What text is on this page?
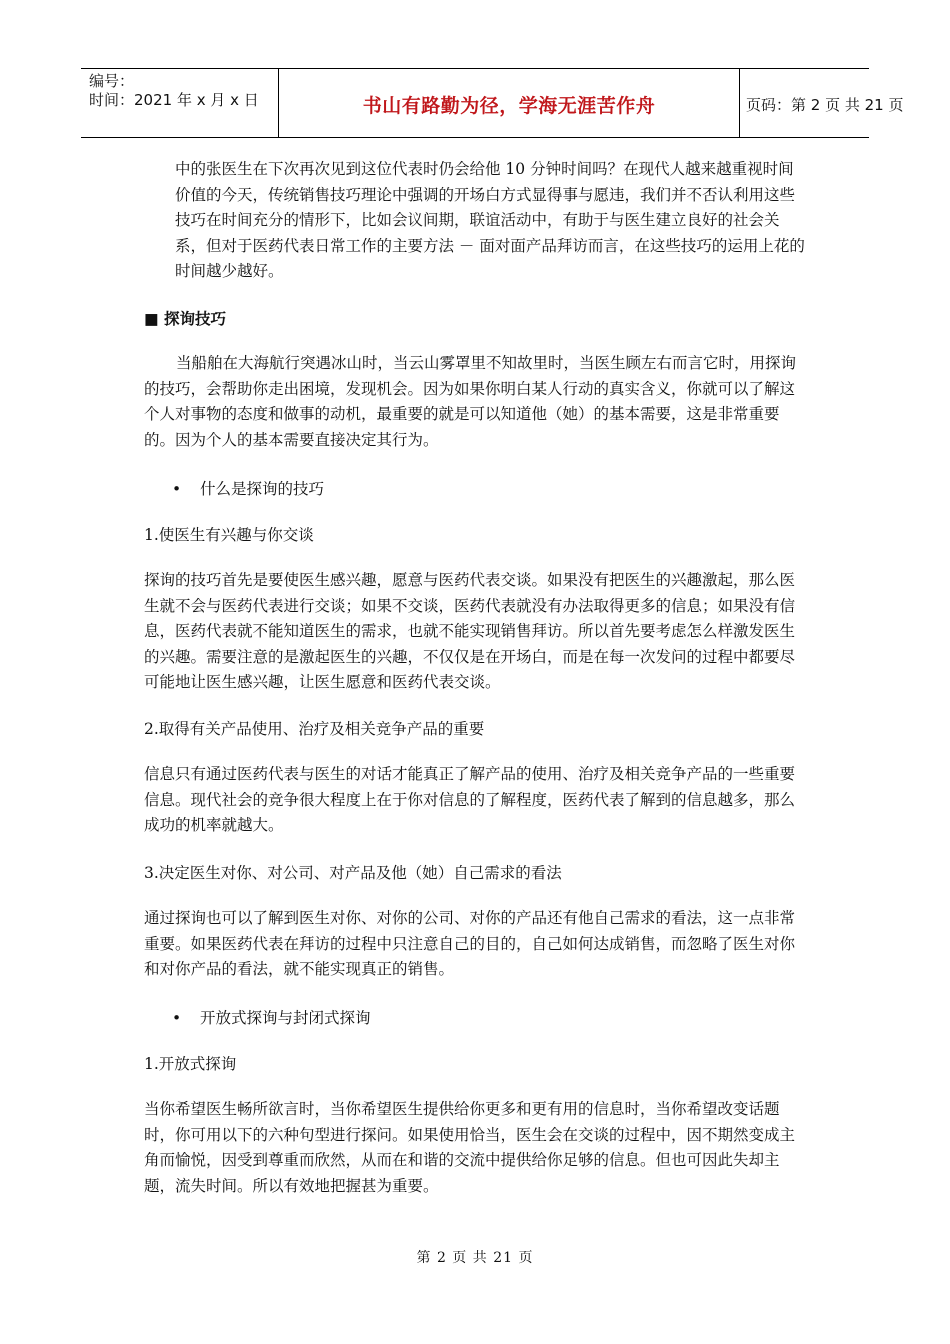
编号：
时间：2021 年 x 月 x 日	书山有路勤为径，学海无涯苦作舟	页码：第 2 页 共 21 页
中的张医生在下次再次见到这位代表时仍会给他 10 分钟时间吗？在现代人越来越重视时间价值的今天，传统销售技巧理论中强调的开场白方式显得事与愿违，我们并不否认利用这些技巧在时间充分的情形下，比如会议间期，联谊活动中，有助于与医生建立良好的社会关系，但对于医药代表日常工作的主要方法 － 面对面产品拜访而言，在这些技巧的运用上花的时间越少越好。
■ 探询技巧
当船舶在大海航行突遇冰山时，当云山雾罩里不知故里时，当医生顾左右而言它时，用探询的技巧，会帮助你走出困境，发现机会。因为如果你明白某人行动的真实含义，你就可以了解这个人对事物的态度和做事的动机，最重要的就是可以知道他（她）的基本需要，这是非常重要的。因为个人的基本需要直接决定其行为。
• 什么是探询的技巧
1.使医生有兴趣与你交谈
探询的技巧首先是要使医生感兴趣，愿意与医药代表交谈。如果没有把医生的兴趣激起，那么医生就不会与医药代表进行交谈；如果不交谈，医药代表就没有办法取得更多的信息；如果没有信息，医药代表就不能知道医生的需求，也就不能实现销售拜访。所以首先要考虑怎么样激发医生的兴趣。需要注意的是激起医生的兴趣，不仅仅是在开场白，而是在每一次发问的过程中都要尽可能地让医生感兴趣，让医生愿意和医药代表交谈。
2.取得有关产品使用、治疗及相关竞争产品的重要
信息只有通过医药代表与医生的对话才能真正了解产品的使用、治疗及相关竞争产品的一些重要信息。现代社会的竞争很大程度上在于你对信息的了解程度，医药代表了解到的信息越多，那么成功的机率就越大。
3.决定医生对你、对公司、对产品及他（她）自己需求的看法
通过探询也可以了解到医生对你、对你的公司、对你的产品还有他自己需求的看法，这一点非常重要。如果医药代表在拜访的过程中只注意自己的目的，自己如何达成销售，而忽略了医生对你和对你产品的看法，就不能实现真正的销售。
• 开放式探询与封闭式探询
1.开放式探询
当你希望医生畅所欲言时，当你希望医生提供给你更多和更有用的信息时，当你希望改变话题时，你可用以下的六种句型进行探问。如果使用恰当，医生会在交谈的过程中，因不期然变成主角而愉悦，因受到尊重而欣然，从而在和谐的交流中提供给你足够的信息。但也可因此失却主题，流失时间。所以有效地把握甚为重要。
第 2 页 共 21 页
